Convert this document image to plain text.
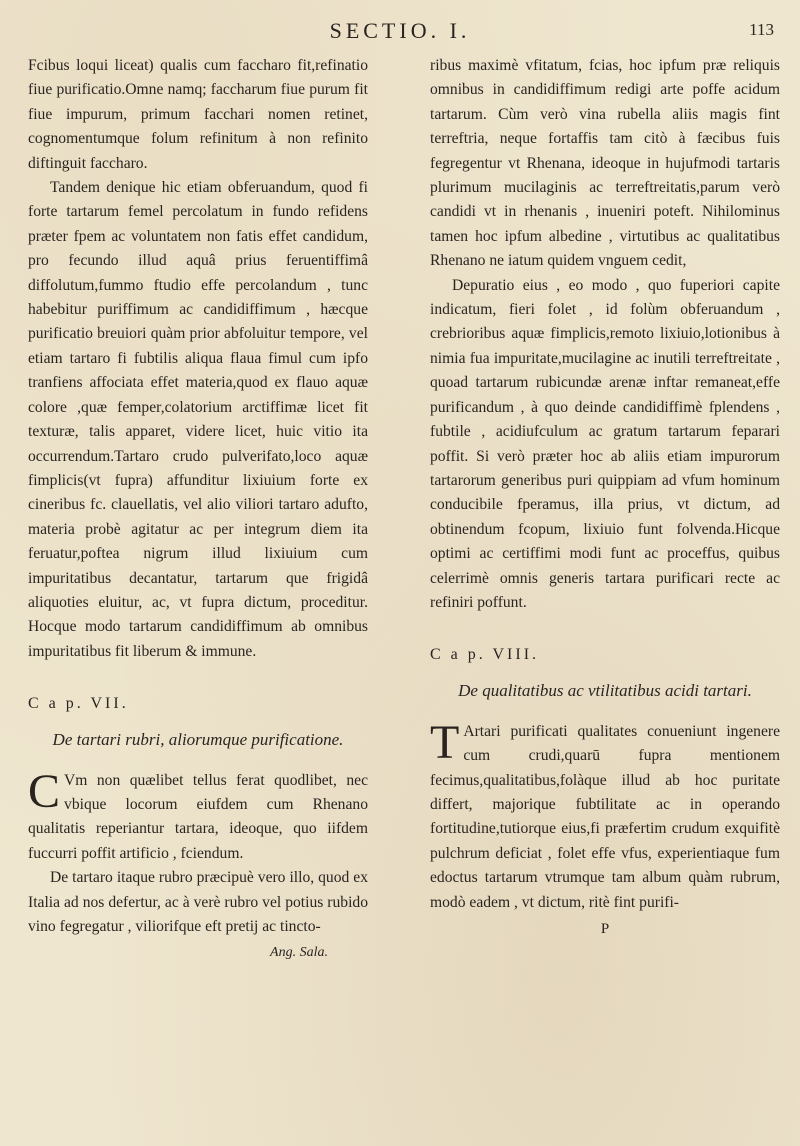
SECTIO. I.	113

Fcibus loqui liceat) qualis cum faccharo fit,refinatio fiue purificatio.Omne namq; faccharum fiue purum fit fiue impurum, primum facchari nomen retinet, cognomentumque folum refinitum à non refinito diftinguit faccharo.

Tandem denique hic etiam obferuandum, quod fi forte tartarum femel percolatum in fundo refidens præter fpem ac voluntatem non fatis effet candidum, pro fecundo illud aquâ prius feruentiffimâ diffolutum,fummo ftudio effe percolandum , tunc habebitur puriffimum ac candidiffimum , hæcque purificatio breuiori quàm prior abfoluitur tempore, vel etiam tartaro fi fubtilis aliqua flaua fimul cum ipfo tranfiens affociata effet materia,quod ex flauo aquæ colore ,quæ femper,colatorium arctiffimæ licet fit texturæ, talis apparet, videre licet, huic vitio ita occurrendum.Tartaro crudo pulverifato,loco aquæ fimplicis(vt fupra) affunditur lixiuium forte ex cineribus fc. clauellatis, vel alio viliori tartaro adufto, materia probè agitatur ac per integrum diem ita feruatur,poftea nigrum illud lixiuium cum impuritatibus decantatur, tartarum que frigidâ aliquoties eluitur, ac, vt fupra dictum, proceditur. Hocque modo tartarum candidiffimum ab omnibus impuritatibus fit liberum & immune.

C a p. VII.

De tartari rubri, aliorumque purificatione.

C Vm non quælibet tellus ferat quodlibet, nec vbique locorum eiufdem cum Rhenano qualitatis reperiantur tartara, ideoque, quo iifdem fuccurri poffit artificio , fciendum.

De tartaro itaque rubro præcipuè vero illo, quod ex Italia ad nos defertur, ac à verè rubro vel potius rubido vino fegregatur , viliorifque eft pretij ac tincto-

Ang. Sala.

ribus maximè vfitatum, fcias, hoc ipfum præ reliquis omnibus in candidiffimum redigi arte poffe acidum tartarum. Cùm verò vina rubella aliis magis fint terreftria, neque fortaffis tam citò à fæcibus fuis fegregentur vt Rhenana, ideoque in hujufmodi tartaris plurimum mucilaginis ac terreftreitatis,parum verò candidi vt in rhenanis , inueniri poteft. Nihilominus tamen hoc ipfum albedine , virtutibus ac qualitatibus Rhenano ne iatum quidem vnguem cedit,

Depuratio eius , eo modo , quo fuperiori capite indicatum, fieri folet , id folùm obferuandum , crebrioribus aquæ fimplicis,remoto lixiuio,lotionibus à nimia fua impuritate,mucilagine ac inutili terreftreitate , quoad tartarum rubicundæ arenæ inftar remaneat,effe purificandum , à quo deinde candidiffimè fplendens , fubtile , acidiufculum ac gratum tartarum feparari poffit. Si verò præter hoc ab aliis etiam impurorum tartarorum generibus puri quippiam ad vfum hominum conducibile fperamus, illa prius, vt dictum, ad obtinendum fcopum, lixiuio funt folvenda.Hicque optimi ac certiffimi modi funt ac proceffus, quibus celerrimè omnis generis tartara purificari recte ac refiniri poffunt.

C a p. VIII.

De qualitatibus ac vtilitatibus acidi tartari.

T Artari purificati qualitates conueniunt ingenere cum crudi,quarū fupra mentionem fecimus,qualitatibus,folàque illud ab hoc puritate differt, majorique fubtilitate ac in operando fortitudine,tutiorque eius,fi præfertim crudum exquifitè pulchrum deficiat , folet effe vfus, experientiaque fum edoctus tartarum vtrumque tam album quàm rubrum, modò eadem , vt dictum, ritè fint purifi-

P
